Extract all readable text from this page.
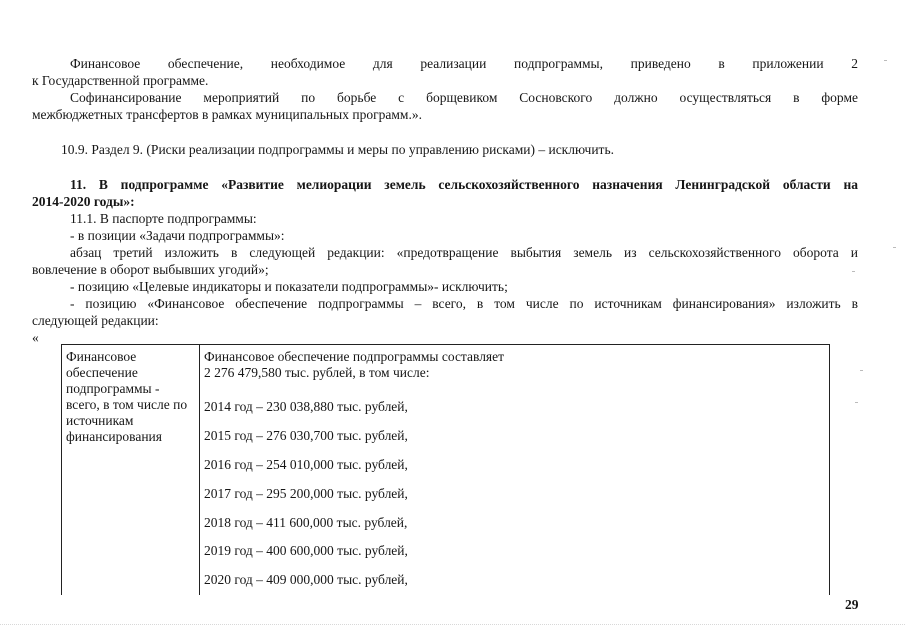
Финансовое обеспечение, необходимое для реализации подпрограммы, приведено в приложении 2
к Государственной программе.
Софинансирование мероприятий по борьбе с борщевиком Сосновского должно осуществляться в форме
межбюджетных трансфертов в рамках муниципальных программ.».
10.9. Раздел 9. (Риски реализации подпрограммы и меры по управлению рисками) – исключить.
11. В подпрограмме «Развитие мелиорации земель сельскохозяйственного назначения Ленинградской области на
2014-2020 годы»:
11.1. В паспорте подпрограммы:
- в позиции «Задачи подпрограммы»:
абзац третий изложить в следующей редакции: «предотвращение выбытия земель из сельскохозяйственного оборота и
вовлечение в оборот выбывших угодий»;
- позицию «Целевые индикаторы и показатели подпрограммы»- исключить;
- позицию «Финансовое обеспечение подпрограммы – всего, в том числе по источникам финансирования» изложить в
следующей редакции:
«
Финансовое обеспечение подпрограммы - всего, в том числе по источникам финансирования
Финансовое обеспечение подпрограммы составляет
2 276 479,580 тыс. рублей, в том числе:
2014 год – 230 038,880 тыс. рублей,
2015 год – 276 030,700 тыс. рублей,
2016 год – 254 010,000 тыс. рублей,
2017 год – 295 200,000 тыс. рублей,
2018 год – 411 600,000 тыс. рублей,
2019 год – 400 600,000 тыс. рублей,
2020 год – 409 000,000 тыс. рублей,
29
